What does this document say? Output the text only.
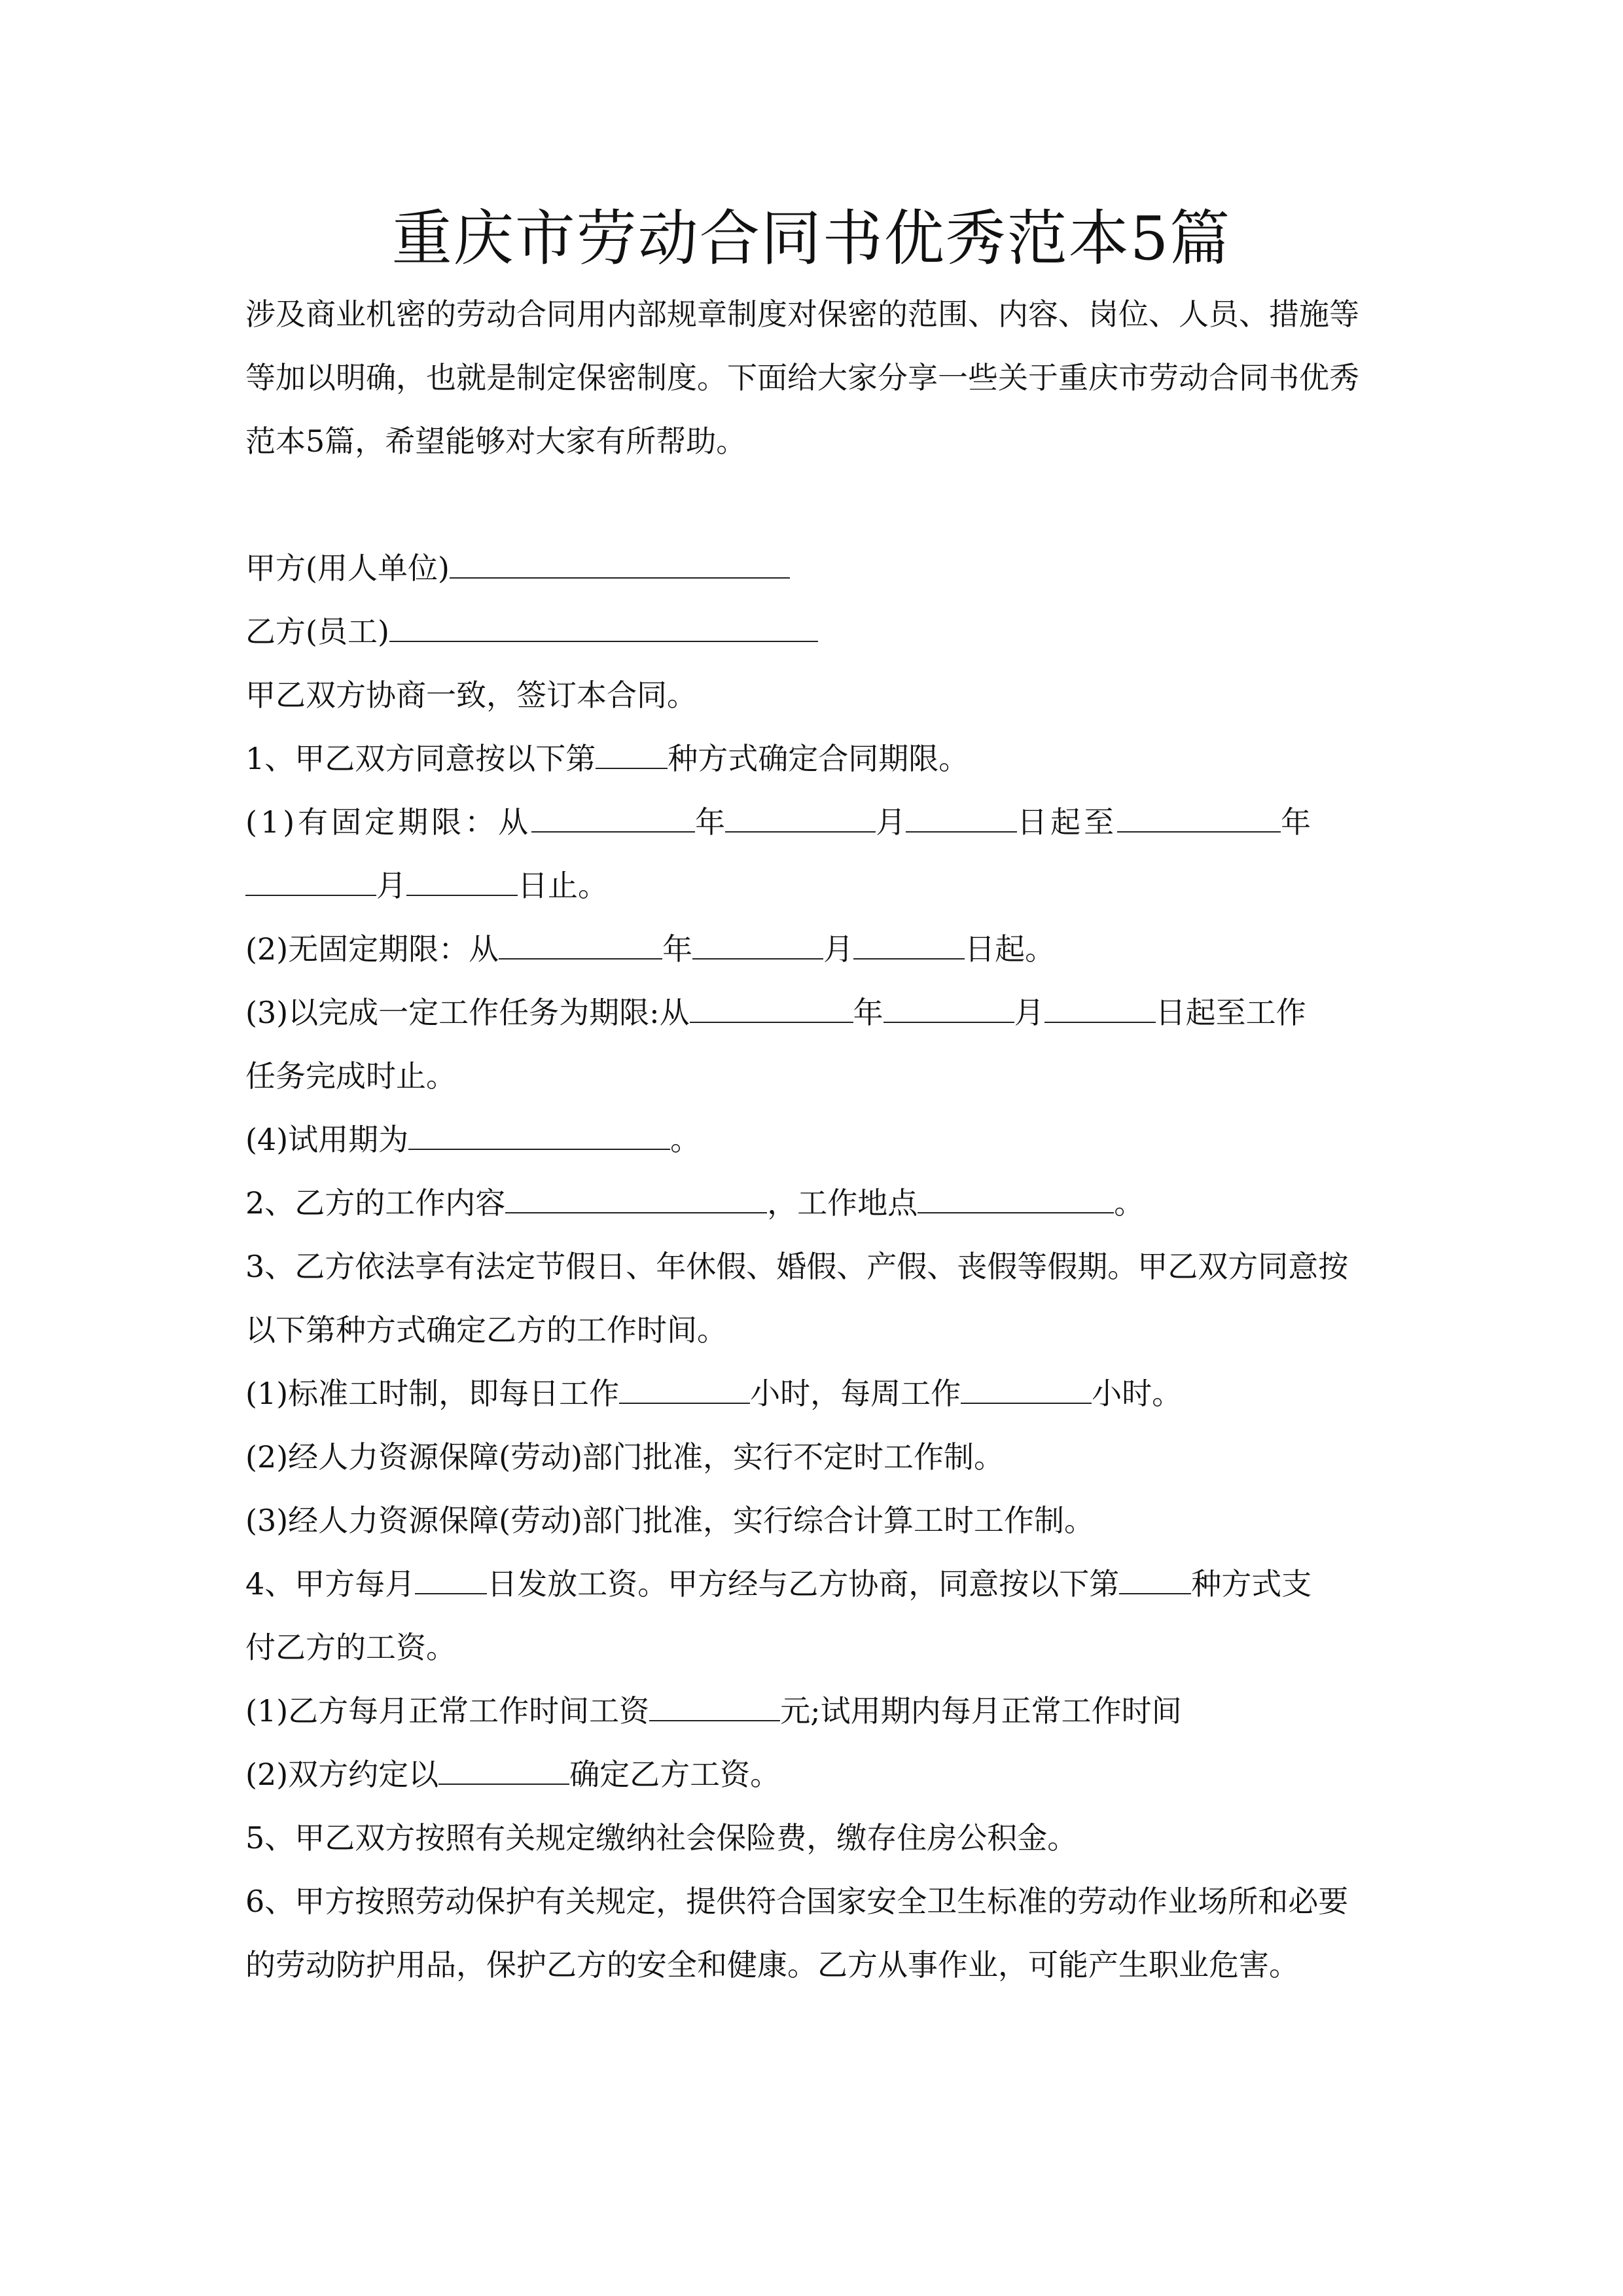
重庆市劳动合同书优秀范本5篇
涉及商业机密的劳动合同用内部规章制度对保密的范围、内容、岗位、人员、措施等等加以明确，也就是制定保密制度。下面给大家分享一些关于重庆市劳动合同书优秀范本5篇，希望能够对大家有所帮助。
甲方(用人单位)
乙方(员工)
甲乙双方协商一致，签订本合同。
1、甲乙双方同意按以下第 种方式确定合同期限。
(1)有固定期限：从	年	月	日起至	年
月	日止。
(2)无固定期限：从	年	月	日起。
(3)以完成一定工作任务为期限:从	年	月	日起至工作
任务完成时止。
(4)试用期为	。
2、乙方的工作内容	，工作地点	。
3、乙方依法享有法定节假日、年休假、婚假、产假、丧假等假期。甲乙双方同意按以下第种方式确定乙方的工作时间。
(1)标准工时制，即每日工作	小时，每周工作	小时。
(2)经人力资源保障(劳动)部门批准，实行不定时工作制。
(3)经人力资源保障(劳动)部门批准，实行综合计算工时工作制。
4、甲方每月 日发放工资。甲方经与乙方协商，同意按以下第 种方式支
付乙方的工资。
(1)乙方每月正常工作时间工资	元;试用期内每月正常工作时间
(2)双方约定以	确定乙方工资。
5、甲乙双方按照有关规定缴纳社会保险费，缴存住房公积金。
6、甲方按照劳动保护有关规定，提供符合国家安全卫生标准的劳动作业场所和必要的劳动防护用品，保护乙方的安全和健康。乙方从事作业，可能产生职业危害。
